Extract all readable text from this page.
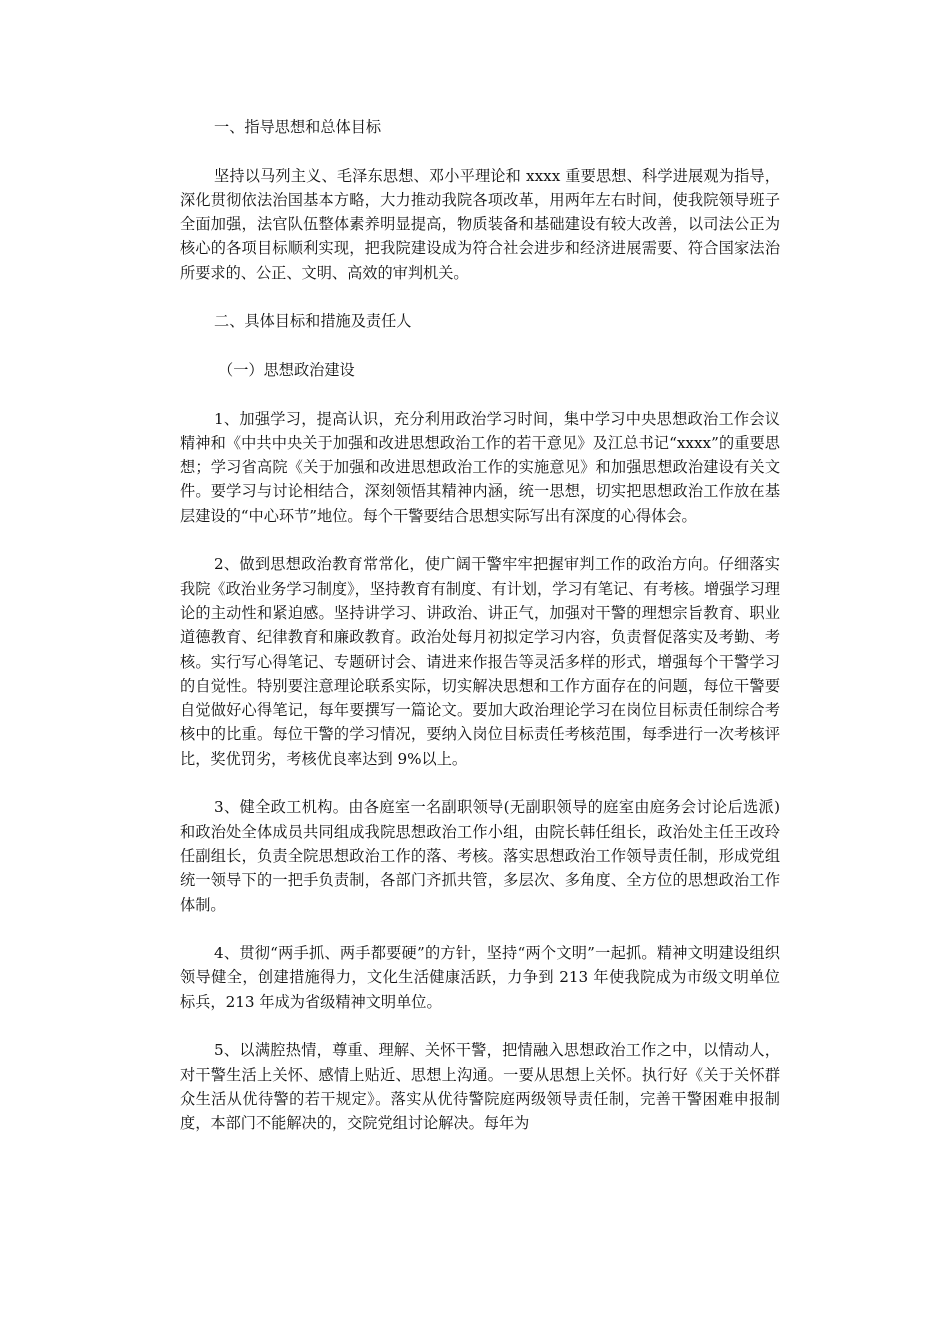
一、指导思想和总体目标

坚持以马列主义、毛泽东思想、邓小平理论和 xxxx 重要思想、科学进展观为指导，深化贯彻依法治国基本方略，大力推动我院各项改革，用两年左右时间，使我院领导班子全面加强，法官队伍整体素养明显提高，物质装备和基础建设有较大改善，以司法公正为核心的各项目标顺利实现，把我院建设成为符合社会进步和经济进展需要、符合国家法治所要求的、公正、文明、高效的审判机关。

二、具体目标和措施及责任人

（一）思想政治建设

1、加强学习，提高认识，充分利用政治学习时间，集中学习中央思想政治工作会议精神和《中共中央关于加强和改进思想政治工作的若干意见》及江总书记“xxxx”的重要思想；学习省高院《关于加强和改进思想政治工作的实施意见》和加强思想政治建设有关文件。要学习与讨论相结合，深刻领悟其精神内涵，统一思想，切实把思想政治工作放在基层建设的“中心环节”地位。每个干警要结合思想实际写出有深度的心得体会。

2、做到思想政治教育常常化，使广阔干警牢牢把握审判工作的政治方向。仔细落实我院《政治业务学习制度》，坚持教育有制度、有计划，学习有笔记、有考核。增强学习理论的主动性和紧迫感。坚持讲学习、讲政治、讲正气，加强对干警的理想宗旨教育、职业道德教育、纪律教育和廉政教育。政治处每月初拟定学习内容，负责督促落实及考勤、考核。实行写心得笔记、专题研讨会、请进来作报告等灵活多样的形式，增强每个干警学习的自觉性。特别要注意理论联系实际，切实解决思想和工作方面存在的问题，每位干警要自觉做好心得笔记，每年要撰写一篇论文。要加大政治理论学习在岗位目标责任制综合考核中的比重。每位干警的学习情况，要纳入岗位目标责任考核范围，每季进行一次考核评比，奖优罚劣，考核优良率达到 9%以上。

3、健全政工机构。由各庭室一名副职领导(无副职领导的庭室由庭务会讨论后选派)和政治处全体成员共同组成我院思想政治工作小组，由院长韩任组长，政治处主任王改玲任副组长，负责全院思想政治工作的落、考核。落实思想政治工作领导责任制，形成党组统一领导下的一把手负责制，各部门齐抓共管，多层次、多角度、全方位的思想政治工作体制。

4、贯彻“两手抓、两手都要硬”的方针，坚持“两个文明”一起抓。精神文明建设组织领导健全，创建措施得力，文化生活健康活跃，力争到 213 年使我院成为市级文明单位标兵，213 年成为省级精神文明单位。

5、以满腔热情，尊重、理解、关怀干警，把情融入思想政治工作之中，以情动人，对干警生活上关怀、感情上贴近、思想上沟通。一要从思想上关怀。执行好《关于关怀群众生活从优待警的若干规定》。落实从优待警院庭两级领导责任制，完善干警困难申报制度，本部门不能解决的，交院党组讨论解决。每年为
